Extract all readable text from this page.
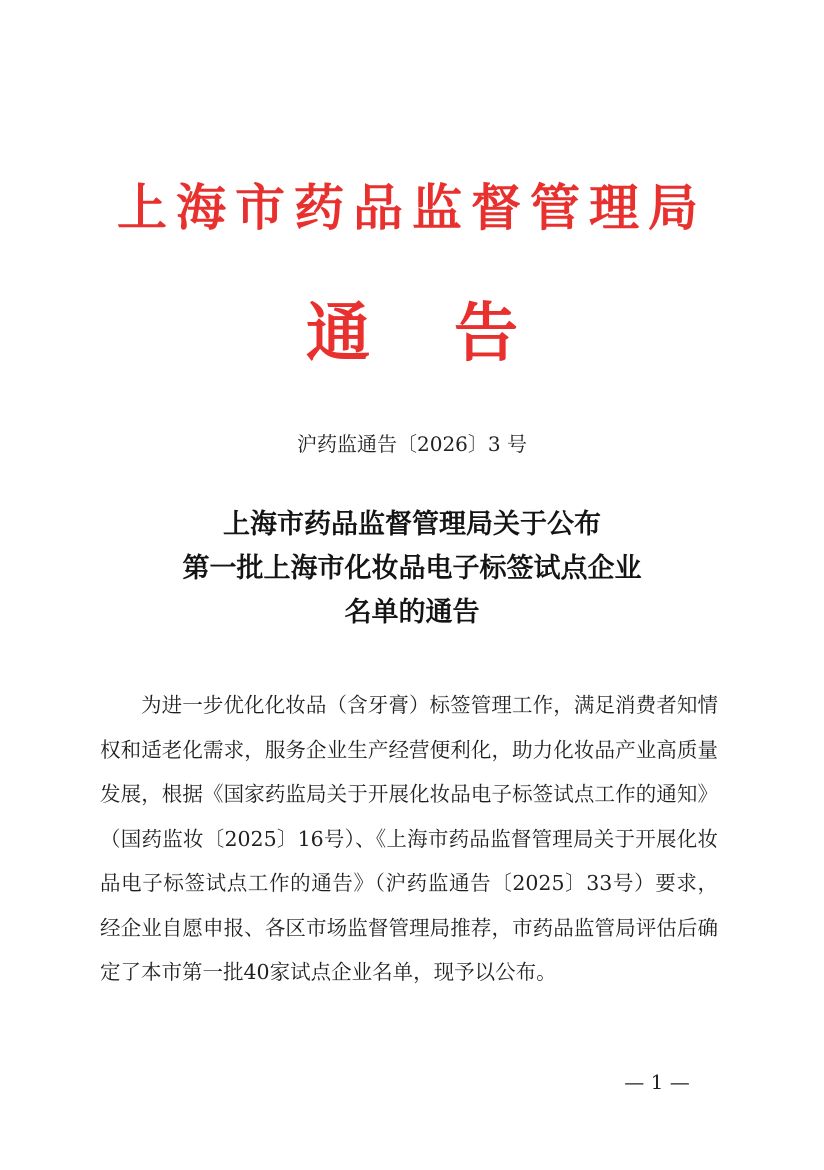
上海市药品监督管理局
通 告
沪药监通告〔2026〕3 号
上海市药品监督管理局关于公布
第一批上海市化妆品电子标签试点企业
名单的通告
为进一步优化化妆品（含牙膏）标签管理工作，满足消费者知情权和适老化需求，服务企业生产经营便利化，助力化妆品产业高质量发展，根据《国家药监局关于开展化妆品电子标签试点工作的通知》（国药监妆〔2025〕16号）、《上海市药品监督管理局关于开展化妆品电子标签试点工作的通告》（沪药监通告〔2025〕33号）要求，经企业自愿申报、各区市场监督管理局推荐，市药品监管局评估后确定了本市第一批40家试点企业名单，现予以公布。
— 1 —
